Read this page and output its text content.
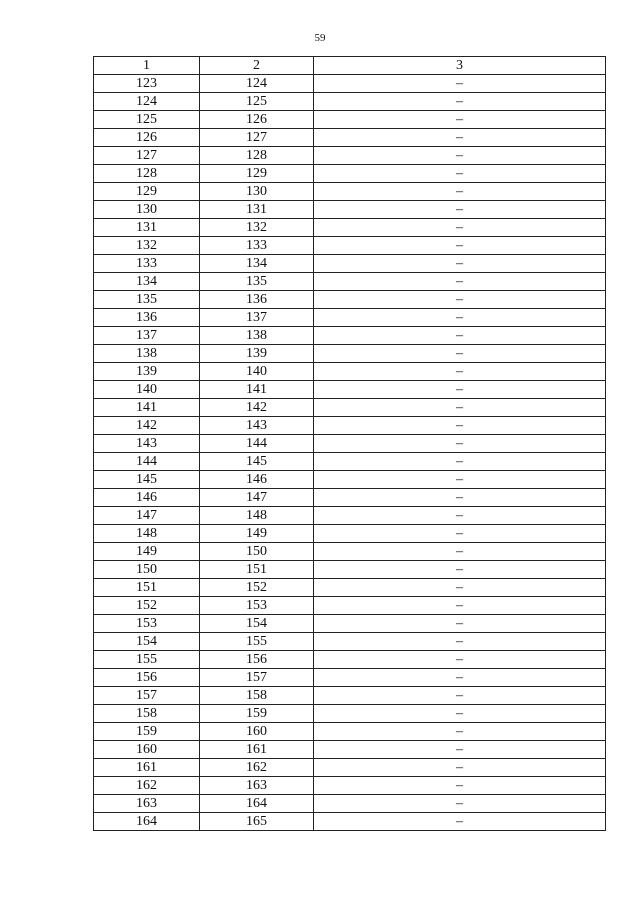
59
1	2	3
123	124	–
124	125	–
125	126	–
126	127	–
127	128	–
128	129	–
129	130	–
130	131	–
131	132	–
132	133	–
133	134	–
134	135	–
135	136	–
136	137	–
137	138	–
138	139	–
139	140	–
140	141	–
141	142	–
142	143	–
143	144	–
144	145	–
145	146	–
146	147	–
147	148	–
148	149	–
149	150	–
150	151	–
151	152	–
152	153	–
153	154	–
154	155	–
155	156	–
156	157	–
157	158	–
158	159	–
159	160	–
160	161	–
161	162	–
162	163	–
163	164	–
164	165	–
